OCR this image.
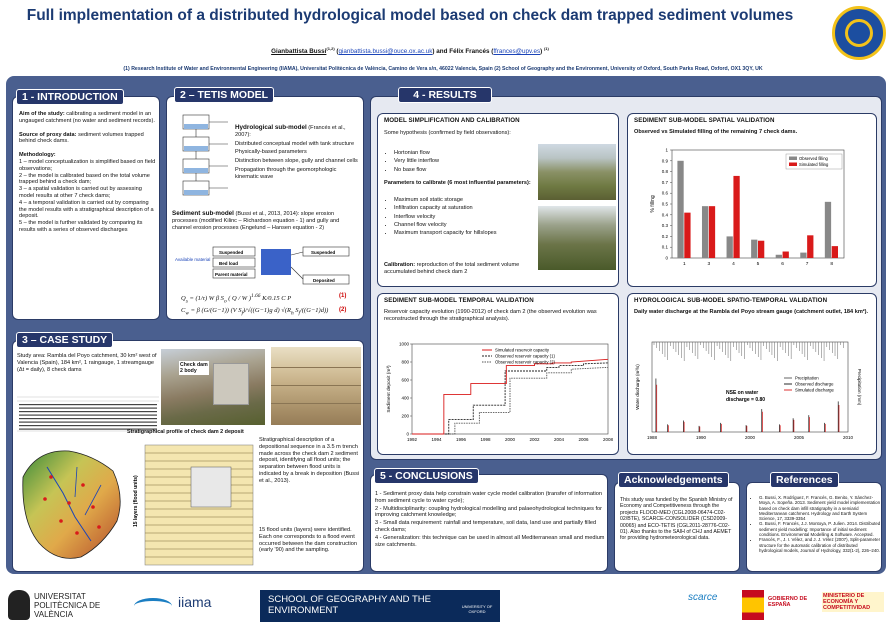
Full implementation of a distributed hydrological model based on check dam trapped sediment volumes
Gianbattista Bussi$^{(1,2)}$ (gianbattista.bussi@ouce.ox.ac.uk) and Félix Francés (ffrances@upv.es) $^{(1)}$
(1) Research Institute of Water and Environmental Engineering (IIAMA), Universitat Politècnica de València, Camino de Vera s/n, 46022 Valencia, Spain (2) School of Geography and the Environment, University of Oxford, South Parks Road, Oxford, OX1 3QY, UK

Aim of the study: calibrating a sediment model in an ungauged catchment (no water and sediment records).

Source of proxy data: sediment volumes trapped behind check dams.

Methodology:

1 – model conceptualization is simplified based on field observations;

2 – the model is calibrated based on the total volume trapped behind a check dam;

3 – a spatial validation is carried out by assessing model results at other 7 check dams;

4 – a temporal validation is carried out by comparing the model results with a stratigraphical description of a deposit.

5 – the model is further validated by comparing its results with a series of observed discharges

1 - INTRODUCTION
Hydrological sub-model (Francés et al., 2007):
Distributed conceptual model with tank structure
Physically-based parameters
Distinction between slope, gully and channel cells
Propagation through the geomorphologic kinematic wave
Sediment sub-model (Bussi et al., 2013, 2014): slope erosion processes (modified Kilinc – Richardson equation - 1) and gully and channel erosion processes (Engelund – Hansen equation - 2)
Available material
Suspended
Bed load
Parent material
Suspended
Deposited
$Q_s = (1/\tau)$ W β $S_o$ ( Q / W )$^{1.66}$ K/0.15 C P	(1)
$C_w = \beta$ (G/(G−1)) (V $S_f)/√((G-1)g$ d) $√(R_h$ $S_f/((G-1)d)$) (2)
2 – TETIS MODEL
Study area: Rambla del Poyo catchment, 30 km² west of Valencia (Spain), 184 km², 1 raingauge, 1 streamgauge (Δt = daily), 8 check dams
Check dam 2 body
Stratigraphical profile of check dam 2 deposit
15 layers (flood units)
Stratigraphical description of a depositional sequence in a 3.5 m trench made across the check dam 2 sediment deposit, identifying all flood units; the separation between flood units is indicated by a break in deposition (Bussi et al., 2013).
15 flood units (layers) were identified. Each one corresponds to a flood event occurred between the dam construction (early '90) and the sampling.
3 – CASE STUDY
MODEL SIMPLIFICATION AND CALIBRATION
Some hypothesis (confirmed by field observations):
• Hortonian flow
• Very little interflow
• No base flow
Parameters to calibrate (6 most influential parameters):
• Maximum soil static storage
• Infiltration capacity at saturation
• Interflow velocity
• Channel flow velocity
• Maximum transport capacity for hillslopes
Calibration: reproduction of the total sediment volume accumulated behind check dam 2
SEDIMENT SUB-MODEL SPATIAL VALIDATION
Observed vs Simulated filling of the remaining 7 check dams.
0
0.1
0.2
0.3
0.4
0.5
0.6
0.7
0.8
0.9
1
% filling
1	3	4	5	6	7	8
Observed filling
Simulated filling
SEDIMENT SUB-MODEL TEMPORAL VALIDATION
Reservoir capacity evolution (1990-2012) of check dam 2 (the observed evolution was reconstructed through the stratigraphical analysis).
0
200
400
600
800
1000
1992	1994	1996	1998	2000	2002	2004	2006	2008
Sediment deposit (m³)
Simulated reservoir capacity
Observed reservoir capacity (1)
Observed reservoir capacity (2)
HYDROLOGICAL SUB-MODEL SPATIO-TEMPORAL VALIDATION
Daily water discharge at the Rambla del Poyo stream gauge (catchment outlet, 184 km²).
1988	1990	2000	2005	2010
Water discharge (m³/s)	Precipitation (mm)
Precipitation
Observed discharge
Simulated discharge
NSE on water
discharge = 0.80
4 - RESULTS

1 - Sediment proxy data help constrain water cycle model calibration (transfer of information from sediment cycle to water cycle);

2 - Multidisciplinarity: coupling hydrological modelling and palaeohydrological techniques for improving catchment knowledge;

3 - Small data requirement: rainfall and temperature, soil data, land use and partially filled check dams;

4 - Generalization: this technique can be used in almost all Mediterranean small and medium size catchments.

5 - CONCLUSIONS
This study was funded by the Spanish Ministry of Economy and Competitiveness through the projects FLOOD-MED (CGL2008-06474-C02-02/BTE), SCARCE-CONSOLIDER (CSD2009-00065) and ECO-TETIS (CGL2011-28776-C02-01). Also thanks to the SAIH of CHJ and AEMET for providing hydrometeorological data.
Acknowledgements
• G. Bussi, X. Rodríguez, F. Francés, G. Benito, Y. Sánchez-Moya, A. Sopeña. 2013. Sediment yield model implementation based on check dam infill stratigraphy in a semiarid Mediterranean catchment. Hydrology and Earth System Science, 17, 3339-3354
• G. Bussi, F. Francés, J.J. Montoya, P. Julien. 2014. Distributed sediment yield modelling: Importance of initial sediment conditions. Environmental Modelling & Software. Accepted.
• Francés, F., J. I. Vélez, and J. J. Vélez (2007), Split-parameter structure for the automatic calibration of distributed hydrological models, Journal of Hydrology, 332(1-2), 226–240.
References
UNIVERSITAT POLITÈCNICA DE VALÈNCIA
iiama	SCHOOL OF GEOGRAPHY AND THE ENVIRONMENT	UNIVERSITY OF OXFORD
scarce	GOBIERNO DE ESPAÑA
MINISTERIO DE ECONOMÍA Y COMPETITIVIDAD
